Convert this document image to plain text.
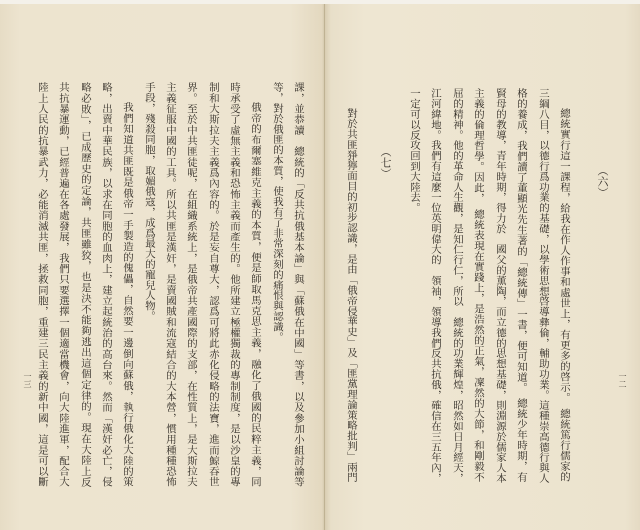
（六）
總統實行這一課程，給我在作人作事和處世上，有更多的啓示。　總統篤行儒家的
三綱八目，以德行爲功業的基礎，以學術思想啓導彝倫，輔助功業。這種崇高德行與人
格的養成，我們讀了董顯光先生著的「總統傳」一書，便可知道。　總統少年時期，有
賢母的教導，青年時期，得力於　國父的薰陶，而立德的思想基礎，則淵源於儒家人本
主義的倫理哲學。因此，　總統表現在實踐上，是浩然的正氣，凜然的大節，和剛毅不
屈的精神。他的革命人生觀，是知仁行仁，所以　總統的功業輝煌，昭然如日月經天，
江河緯地。我們有這麼一位英明偉大的　領袖，領導我們反共抗俄，確信在三五年內，
一定可以反攻回到大陸去。
（七）
對於共匪猙獰面目的初步認識，是由「俄帝侵華史」及「匪黨理論策略批判」兩門	一二
課，並恭讀　總統的「反共抗俄基本論」與「蘇俄在中國」等書，以及參加小組討論等
等，對於俄匪的本質，使我有了非常深刻的痛恨與認識。
俄帝的布爾塞維克主義的本質，便是師取馬克思主義，融化了俄國的民粹主義，同
時承受了虛無主義和恐怖主義而產生的。他所建立極權獨裁的專制制度，是以沙皇的專
制和大斯拉夫主義爲內容的。於是妄自尊大，認爲可將此赤化侵略的法寶，進而鯨吞世
界。至於中共匪徒呢，在組織系統上，是俄帝共產國際的支部，在性質上，是大斯拉夫
主義征服中國的工具。所以共匪是漢奸，是賣國賊和流寇結合的大本營，慣用種種恐怖
手段，殘殺同胞，取媚俄寇，成爲最大的寵兒人物。
我們知道共匪既是俄帝一手製造的傀儡，自然要一邊倒向蘇俄，執行俄化大陸的策
略，出賣中華民族，以求在同胞的血肉上，建立起統治的高台來。然而「漢奸必亡，侵
略必敗」，已成歷史的定論，共匪雖狡，也是決不能夠逃出這個定律的。現在大陸上反
共抗暴運動，已經普遍在各處發展，我們只要選擇一個適當機會，向大陸進軍，配合大
陸上人民的抗暴武力，必能消滅共匪，拯救同胞，重建三民主義的新中國，這是可以斷
一三
